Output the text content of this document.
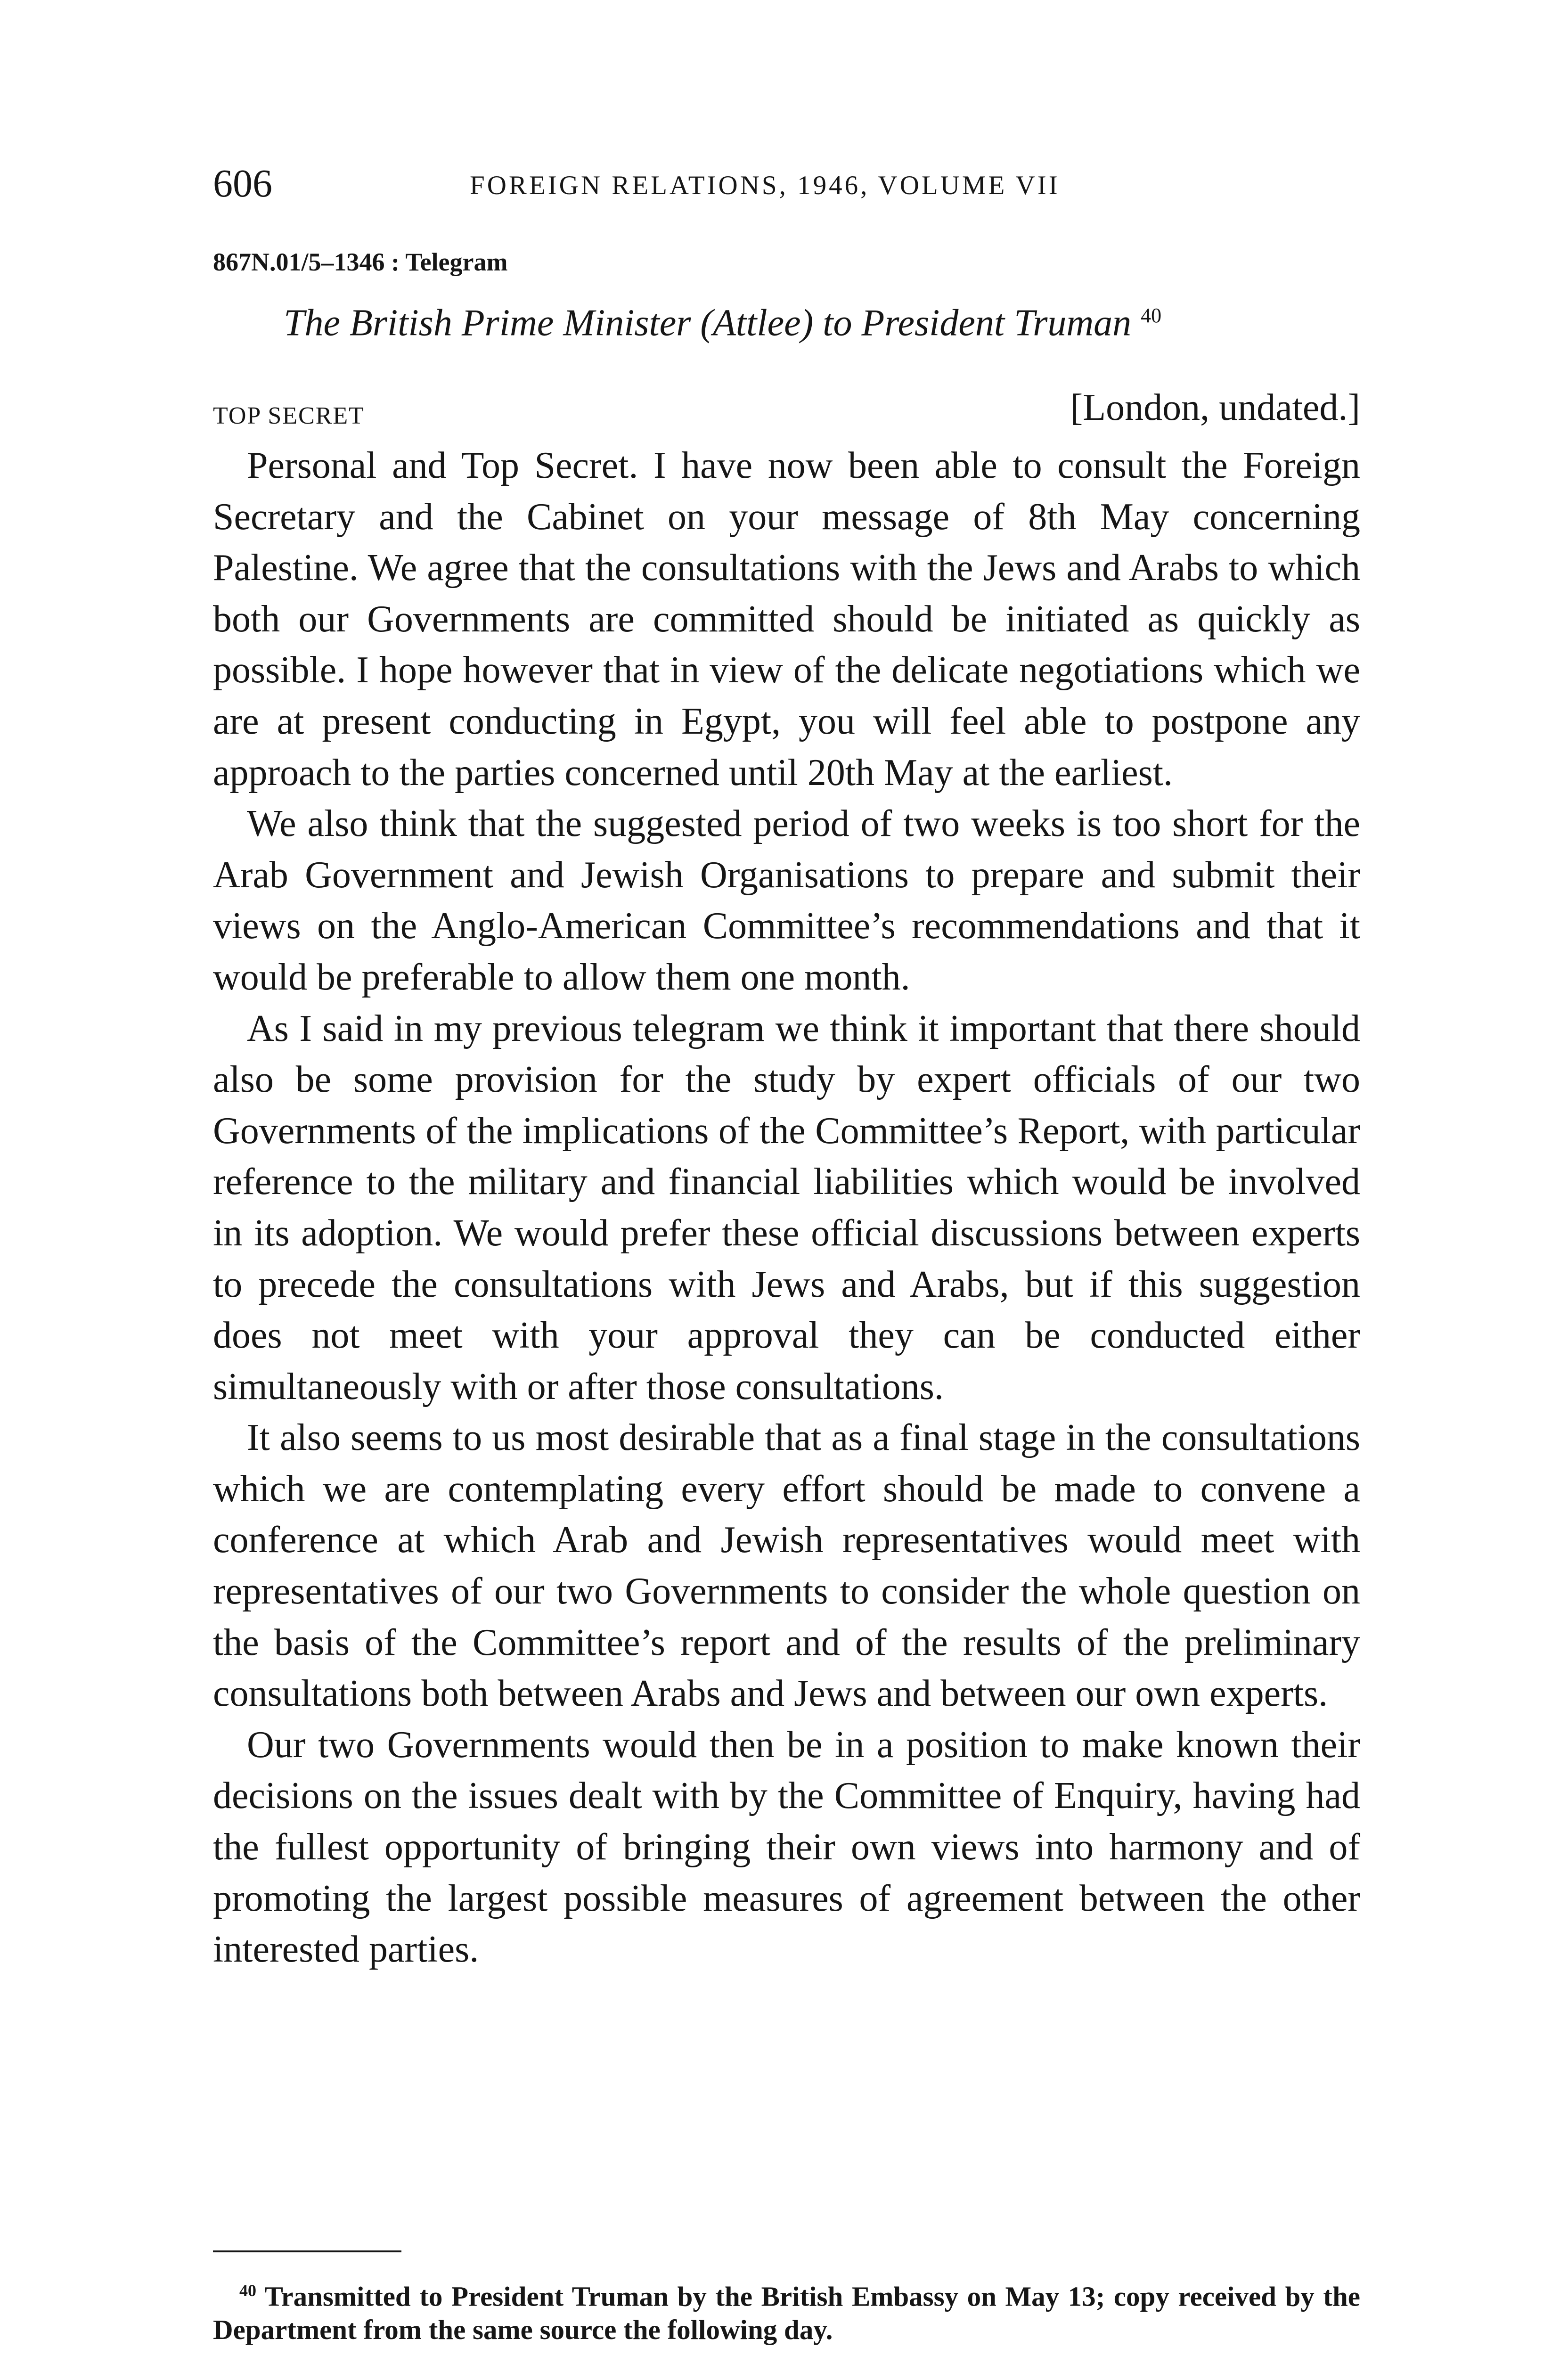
606	FOREIGN RELATIONS, 1946, VOLUME VII
867N.01/5–1346 : Telegram
The British Prime Minister (Attlee) to President Truman $^{40}$
TOP SECRET	[London, undated.]

Personal and Top Secret. I have now been able to consult the Foreign Secretary and the Cabinet on your message of 8th May concerning Palestine. We agree that the consultations with the Jews and Arabs to which both our Governments are committed should be initiated as quickly as possible. I hope however that in view of the delicate negotiations which we are at present conducting in Egypt, you will feel able to postpone any approach to the parties concerned until 20th May at the earliest.

We also think that the suggested period of two weeks is too short for the Arab Government and Jewish Organisations to prepare and submit their views on the Anglo-American Committee’s recommendations and that it would be preferable to allow them one month.

As I said in my previous telegram we think it important that there should also be some provision for the study by expert officials of our two Governments of the implications of the Committee’s Report, with particular reference to the military and financial liabilities which would be involved in its adoption. We would prefer these official discussions between experts to precede the consultations with Jews and Arabs, but if this suggestion does not meet with your approval they can be conducted either simultaneously with or after those consultations.

It also seems to us most desirable that as a final stage in the consultations which we are contemplating every effort should be made to convene a conference at which Arab and Jewish representatives would meet with representatives of our two Governments to consider the whole question on the basis of the Committee’s report and of the results of the preliminary consultations both between Arabs and Jews and between our own experts.

Our two Governments would then be in a position to make known their decisions on the issues dealt with by the Committee of Enquiry, having had the fullest opportunity of bringing their own views into harmony and of promoting the largest possible measures of agreement between the other interested parties.

$^{40}$ Transmitted to President Truman by the British Embassy on May 13; copy received by the Department from the same source the following day.
